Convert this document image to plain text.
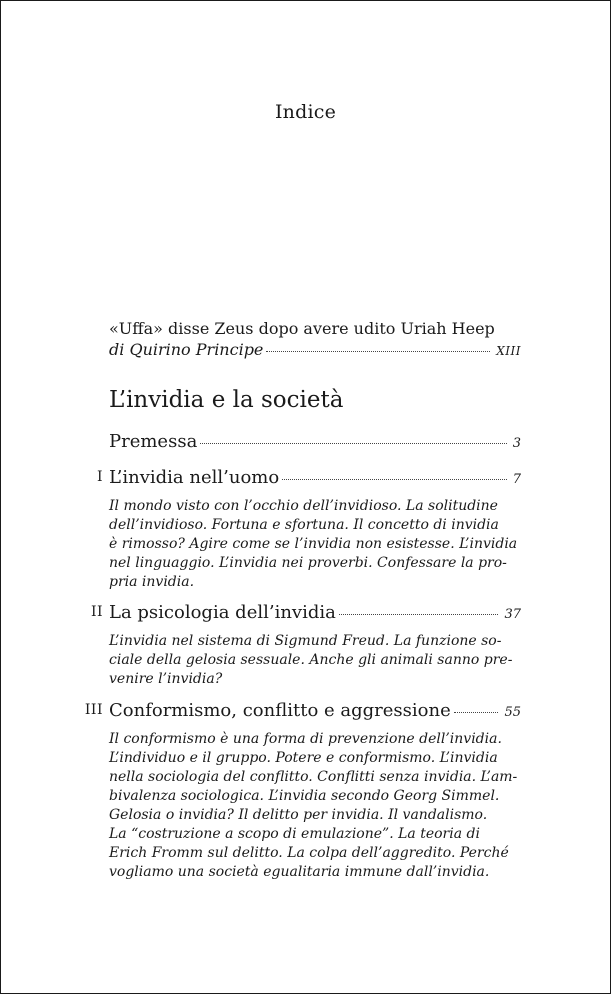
Indice
«Uffa» disse Zeus dopo avere udito Uriah Heep
di Quirino Principe	XIII
L’invidia e la società
Premessa	3
I L’invidia nell’uomo	7
Il mondo visto con l’occhio dell’invidioso. La solitudine
dell’invidioso. Fortuna e sfortuna. Il concetto di invidia
è rimosso? Agire come se l’invidia non esistesse. L’invidia
nel linguaggio. L’invidia nei proverbi. Confessare la pro-
pria invidia.
II La psicologia dell’invidia	37
L’invidia nel sistema di Sigmund Freud. La funzione so-
ciale della gelosia sessuale. Anche gli animali sanno pre-
venire l’invidia?
III Conformismo, conflitto e aggressione	55
Il conformismo è una forma di prevenzione dell’invidia.
L’individuo e il gruppo. Potere e conformismo. L’invidia
nella sociologia del conflitto. Conflitti senza invidia. L’am-
bivalenza sociologica. L’invidia secondo Georg Simmel.
Gelosia o invidia? Il delitto per invidia. Il vandalismo.
La “costruzione a scopo di emulazione”. La teoria di
Erich Fromm sul delitto. La colpa dell’aggredito. Perché
vogliamo una società egualitaria immune dall’invidia.
